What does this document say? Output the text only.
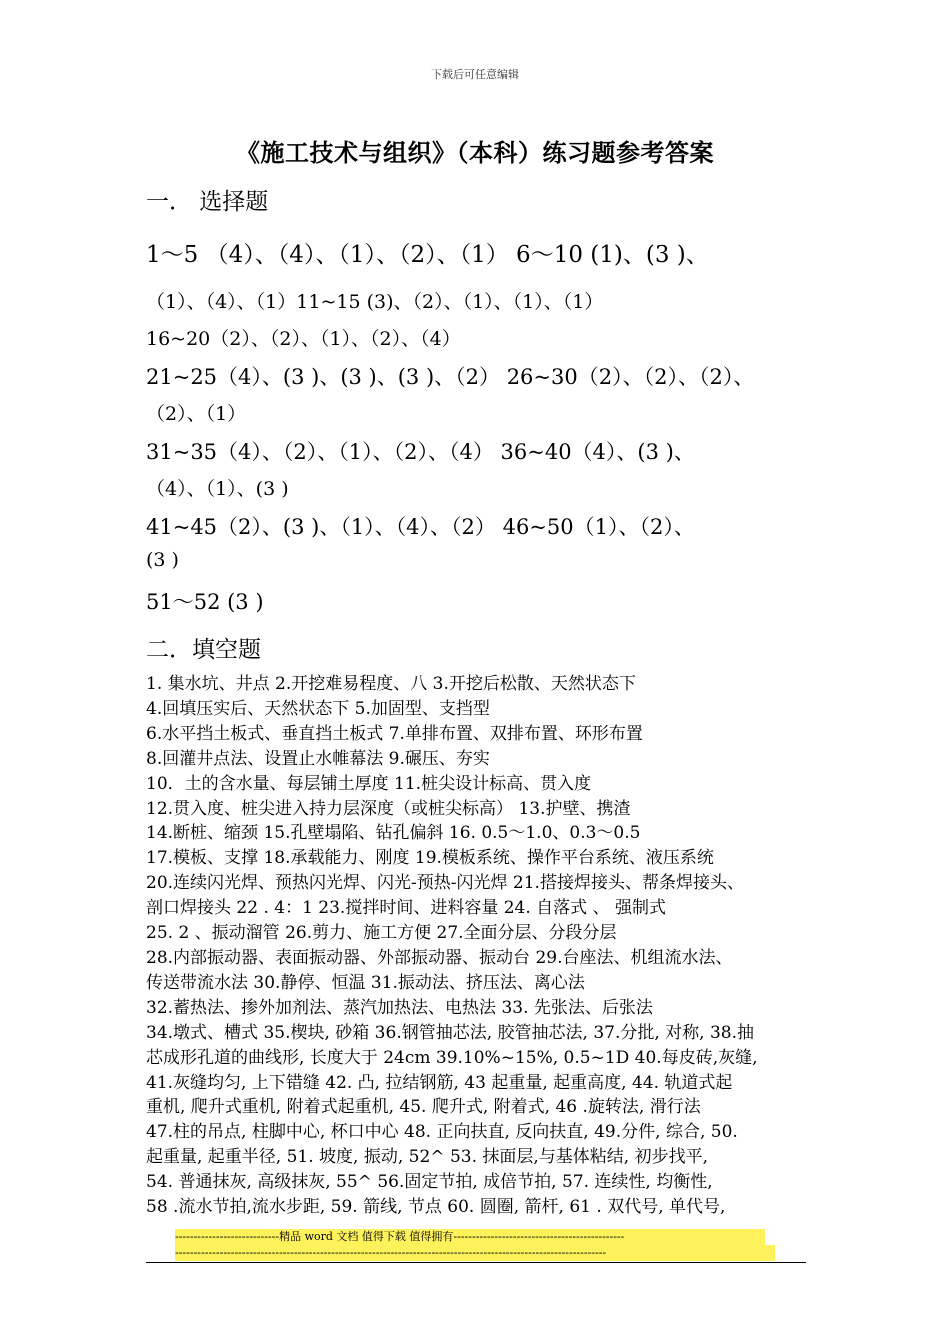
下载后可任意编辑
《施工技术与组织》（本科）练习题参考答案
一． 选择题
1～5 （4）、（4）、（1）、（2）、（1） 6～10 (1)、(3 )、
（1）、（4）、（1）11~15 (3)、（2）、（1）、（1）、（1）
16~20（2）、（2）、（1）、（2）、（4）
21~25（4）、(3 )、(3 )、(3 )、（2） 26~30（2）、（2）、（2）、
（2）、（1）
31~35（4）、（2）、（1）、（2）、（4） 36~40（4）、(3 )、
（4）、（1）、(3 )
41~45（2）、(3 )、（1）、（4）、（2） 46~50（1）、（2）、
(3 )
51～52 (3 )
二．填空题
1. 集水坑、井点 2.开挖难易程度、八 3.开挖后松散、天然状态下
4.回填压实后、天然状态下 5.加固型、支挡型
6.水平挡土板式、垂直挡土板式 7.单排布置、双排布置、环形布置
8.回灌井点法、设置止水帷幕法 9.碾压、夯实
10．土的含水量、每层铺土厚度 11.桩尖设计标高、贯入度
12.贯入度、桩尖进入持力层深度（或桩尖标高） 13.护壁、携渣
14.断桩、缩颈 15.孔壁塌陷、钻孔偏斜 16. 0.5～1.0、0.3～0.5
17.模板、支撑 18.承载能力、刚度 19.模板系统、操作平台系统、液压系统
20.连续闪光焊、预热闪光焊、闪光-预热-闪光焊 21.搭接焊接头、帮条焊接头、
剖口焊接头 22 . 4：1 23.搅拌时间、进料容量 24. 自落式 、 强制式
25. 2 、振动溜管 26.剪力、施工方便 27.全面分层、分段分层
28.内部振动器、表面振动器、外部振动器、振动台 29.台座法、机组流水法、
传送带流水法 30.静停、恒温 31.振动法、挤压法、离心法
32.蓄热法、掺外加剂法、蒸汽加热法、电热法 33. 先张法、后张法
34.墩式、槽式 35.楔块, 砂箱 36.钢管抽芯法, 胶管抽芯法, 37.分批, 对称, 38.抽
芯成形孔道的曲线形, 长度大于 24cm 39.10%~15%, 0.5~1D 40.每皮砖,灰缝,
41.灰缝均匀, 上下错缝 42. 凸, 拉结钢筋, 43 起重量, 起重高度, 44. 轨道式起
重机, 爬升式重机, 附着式起重机, 45. 爬升式, 附着式, 46 .旋转法, 滑行法
47.柱的吊点, 柱脚中心, 杯口中心 48. 正向扶直, 反向扶直, 49.分件, 综合, 50.
起重量, 起重半径, 51. 坡度, 振动, 52^ 53. 抹面层,与基体粘结, 初步找平,
54. 普通抹灰, 高级抹灰, 55^ 56.固定节拍, 成倍节拍, 57. 连续性, 均衡性,
58 .流水节拍,流水步距, 59. 箭线, 节点 60. 圆圈, 箭杆, 61 . 双代号, 单代号,
----------------------------精品 word 文档 值得下载 值得拥有----------------------------------------------
--------------------------------------------------------------------------------------------------------------------
